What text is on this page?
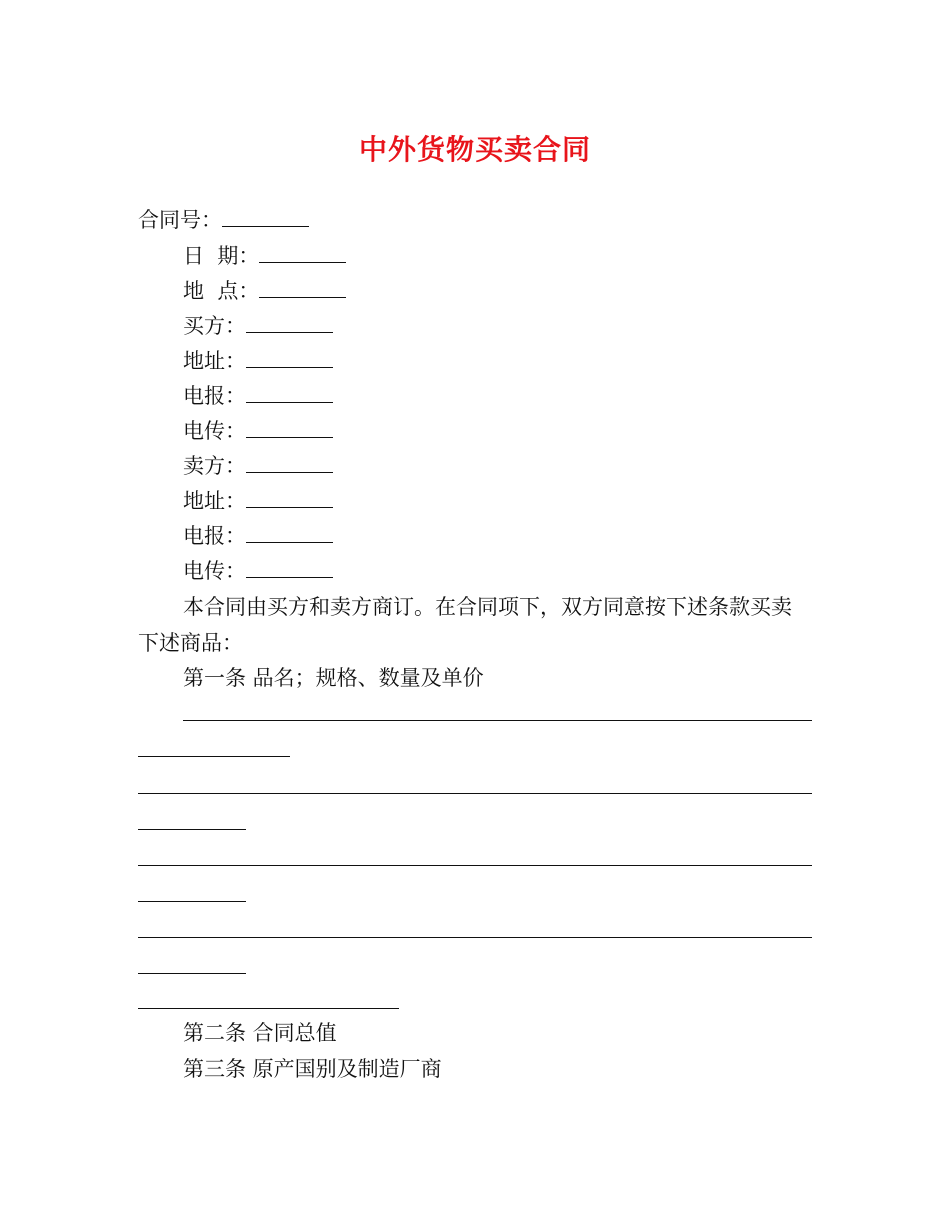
中外货物买卖合同
合同号：
日  期：
地  点：
买方：
地址：
电报：
电传：
卖方：
地址：
电报：
电传：
本合同由买方和卖方商订。在合同项下，双方同意按下述条款买卖
下述商品：
第一条 品名；规格、数量及单价
第二条 合同总值
第三条 原产国别及制造厂商
